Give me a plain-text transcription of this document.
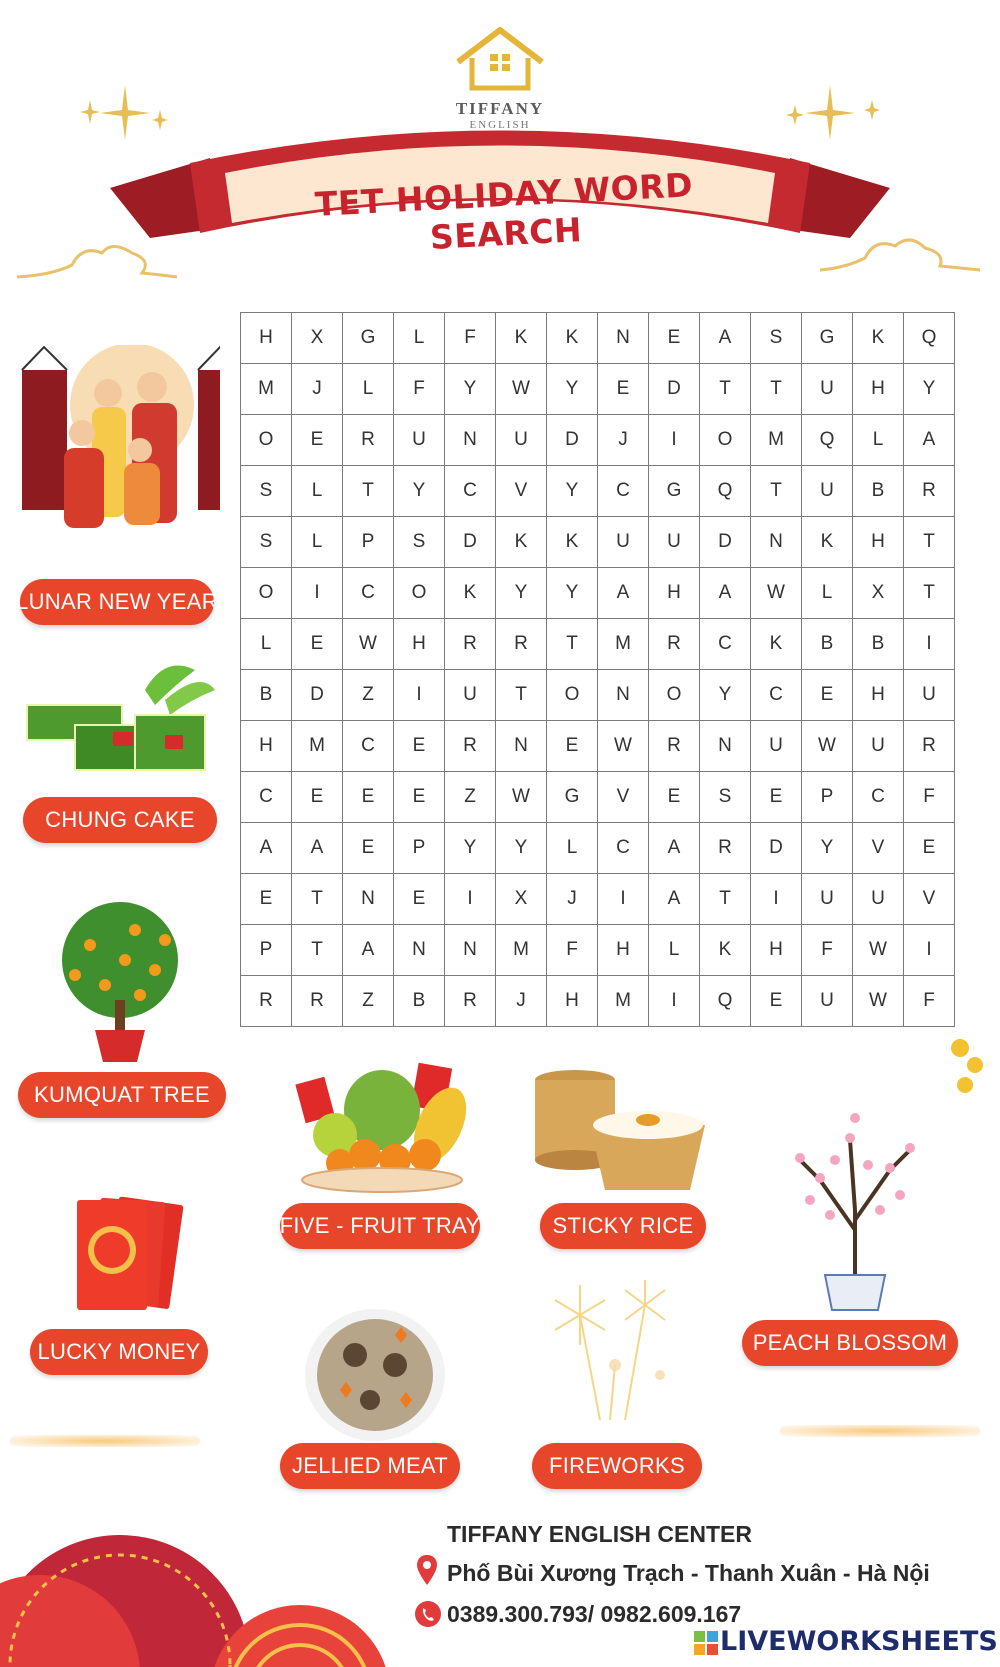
TIFFANY
ENGLISH
TET HOLIDAY WORD SEARCH
H	X	G	L	F	K	K	N	E	A	S	G	K	Q
M	J	L	F	Y	W	Y	E	D	T	T	U	H	Y
O	E	R	U	N	U	D	J	I	O	M	Q	L	A
S	L	T	Y	C	V	Y	C	G	Q	T	U	B	R
S	L	P	S	D	K	K	U	U	D	N	K	H	T
O	I	C	O	K	Y	Y	A	H	A	W	L	X	T
L	E	W	H	R	R	T	M	R	C	K	B	B	I
B	D	Z	I	U	T	O	N	O	Y	C	E	H	U
H	M	C	E	R	N	E	W	R	N	U	W	U	R
C	E	E	E	Z	W	G	V	E	S	E	P	C	F
A	A	E	P	Y	Y	L	C	A	R	D	Y	V	E
E	T	N	E	I	X	J	I	A	T	I	U	U	V
P	T	A	N	N	M	F	H	L	K	H	F	W	I
R	R	Z	B	R	J	H	M	I	Q	E	U	W	F
LUNAR NEW YEAR
CHUNG CAKE
KUMQUAT TREE
FIVE - FRUIT TRAY	STICKY RICE
LUCKY MONEY	PEACH BLOSSOM
JELLIED MEAT	FIREWORKS
TIFFANY ENGLISH CENTER
Phố Bùi Xương Trạch - Thanh Xuân - Hà Nội
0389.300.793/ 0982.609.167
LIVEWORKSHEETS
